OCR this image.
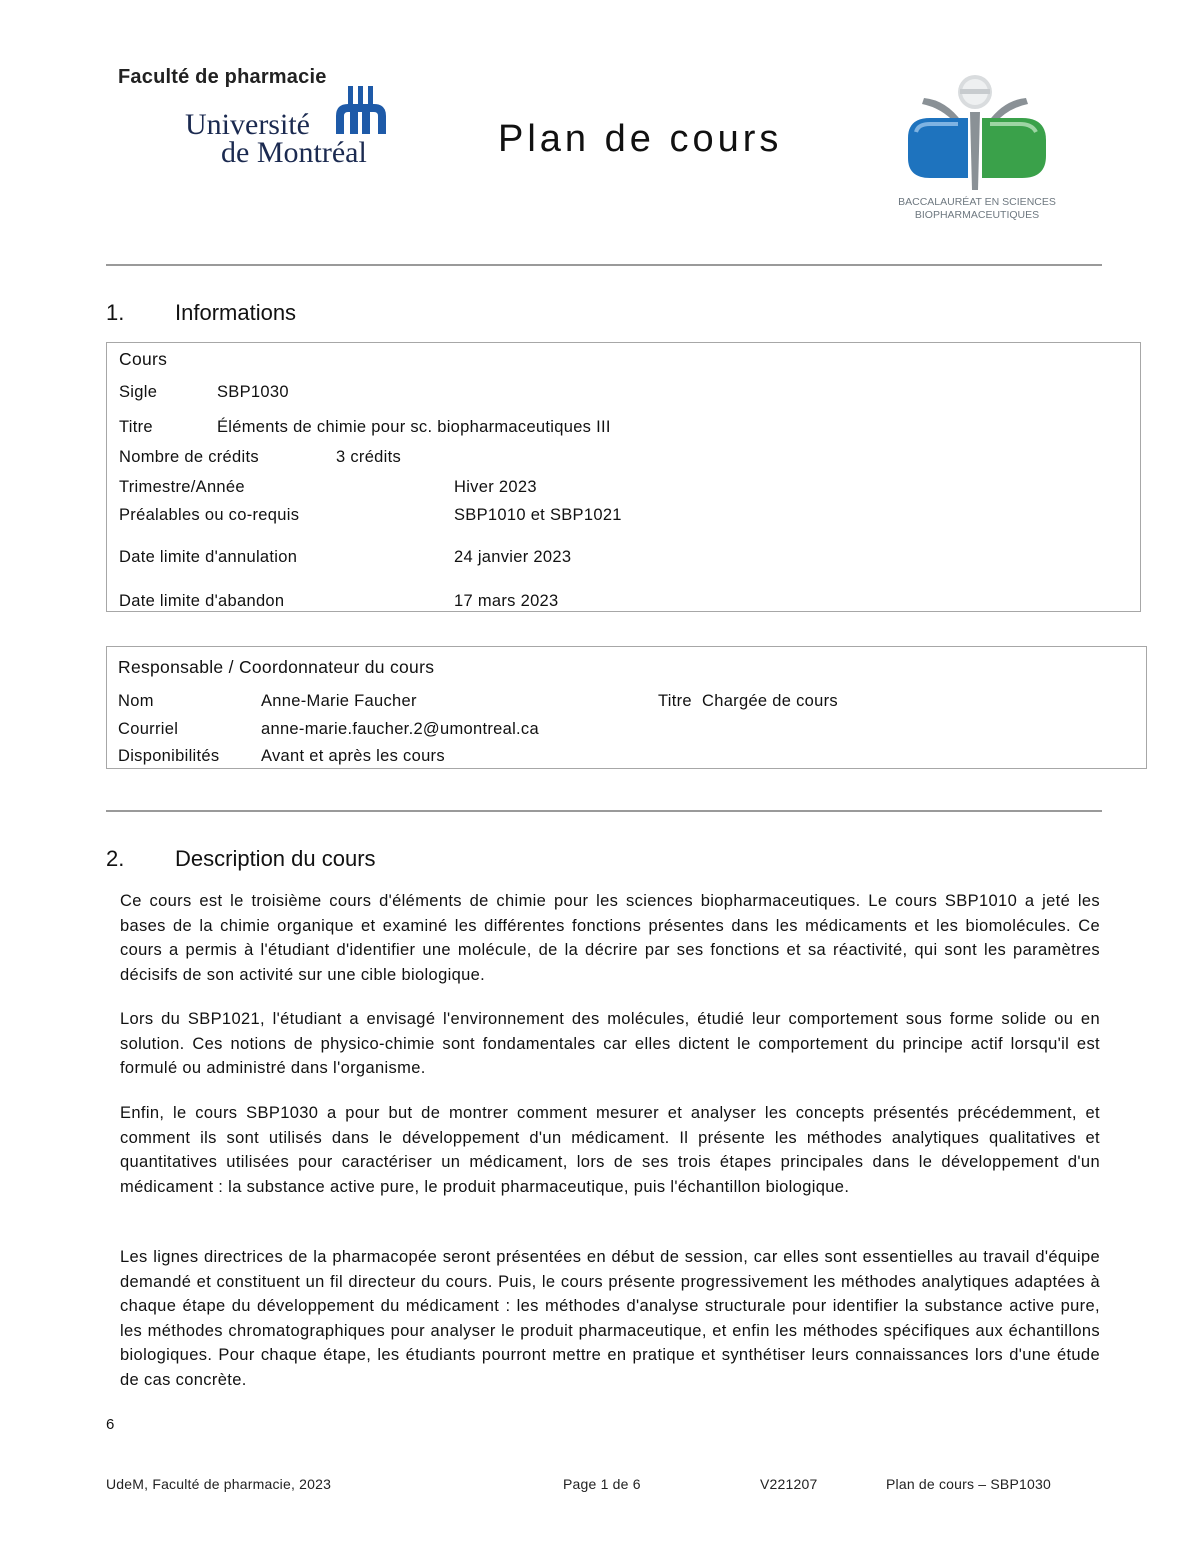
Faculté de pharmacie
Université
de Montréal	Plan de cours
BACCALAURÉAT EN SCIENCES
BIOPHARMACEUTIQUES
1. Informations
Cours
Sigle	SBP1030
Titre	Éléments de chimie pour sc. biopharmaceutiques III
Nombre de crédits	3 crédits
Trimestre/Année	Hiver 2023
Préalables ou co-requis	SBP1010 et SBP1021
Date limite d'annulation	24 janvier 2023
Date limite d'abandon	17 mars 2023
Responsable / Coordonnateur du cours
Nom	Anne-Marie Faucher	Titre Chargée de cours
Courriel	anne-marie.faucher.2@umontreal.ca
Disponibilités	Avant et après les cours
2. Description du cours
Ce cours est le troisième cours d'éléments de chimie pour les sciences biopharmaceutiques. Le cours SBP1010 a jeté les bases de la chimie organique et examiné les différentes fonctions présentes dans les médicaments et les biomolécules. Ce cours a permis à l'étudiant d'identifier une molécule, de la décrire par ses fonctions et sa réactivité, qui sont les paramètres décisifs de son activité sur une cible biologique.
Lors du SBP1021, l'étudiant a envisagé l'environnement des molécules, étudié leur comportement sous forme solide ou en solution. Ces notions de physico-chimie sont fondamentales car elles dictent le comportement du principe actif lorsqu'il est formulé ou administré dans l'organisme.
Enfin, le cours SBP1030 a pour but de montrer comment mesurer et analyser les concepts présentés précédemment, et comment ils sont utilisés dans le développement d'un médicament. Il présente les méthodes analytiques qualitatives et quantitatives utilisées pour caractériser un médicament, lors de ses trois étapes principales dans le développement d'un médicament : la substance active pure, le produit pharmaceutique, puis l'échantillon biologique.
Les lignes directrices de la pharmacopée seront présentées en début de session, car elles sont essentielles au travail d'équipe demandé et constituent un fil directeur du cours. Puis, le cours présente progressivement les méthodes analytiques adaptées à chaque étape du développement du médicament : les méthodes d'analyse structurale pour identifier la substance active pure, les méthodes chromatographiques pour analyser le produit pharmaceutique, et enfin les méthodes spécifiques aux échantillons biologiques. Pour chaque étape, les étudiants pourront mettre en pratique et synthétiser leurs connaissances lors d'une étude de cas concrète.
6
UdeM, Faculté de pharmacie, 2023	Page 1 de 6	V221207	Plan de cours – SBP1030
